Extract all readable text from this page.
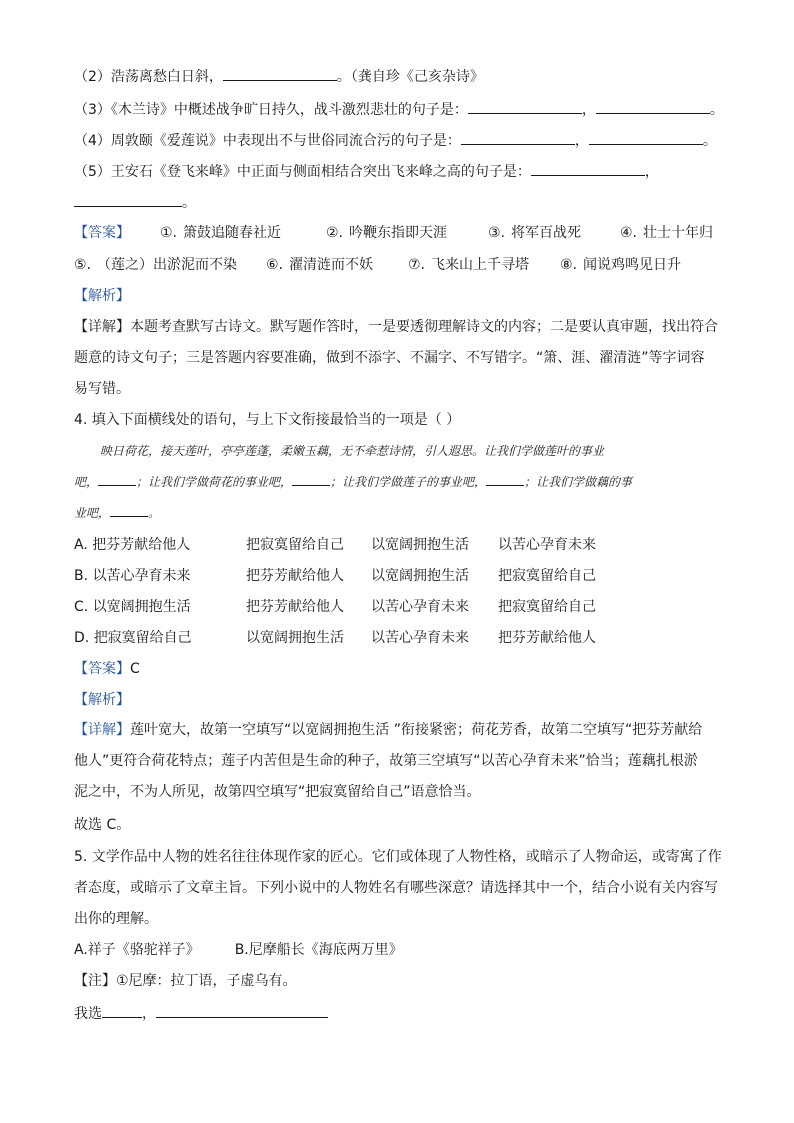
（2）浩荡离愁白日斜，	。（龚自珍《己亥杂诗》
（3）《木兰诗》中概述战争旷日持久，战斗激烈悲壮的句子是：	，	。
（4）周敦颐《爱莲说》中表现出不与世俗同流合污的句子是：	，	。
（5）王安石《登飞来峰》中正面与侧面相结合突出飞来峰之高的句子是：	，
。
【答案】 ①. 箫鼓追随春社近	②. 吟鞭东指即天涯	③. 将军百战死	④. 壮士十年归
⑤. （莲之）出淤泥而不染 ⑥. 濯清涟而不妖 ⑦. 飞来山上千寻塔 ⑧. 闻说鸡鸣见日升
【解析】
【详解】本题考查默写古诗文。默写题作答时，一是要透彻理解诗文的内容；二是要认真审题，找出符合
题意的诗文句子；三是答题内容要准确，做到不添字、不漏字、不写错字。“箫、涯、濯清涟”等字词容
易写错。
4. 填入下面横线处的语句，与上下文衔接最恰当的一项是（ ）
映日荷花，接天莲叶，亭亭莲蓬，柔嫩玉藕，无不牵惹诗情，引人遐思。让我们学做莲叶的事业
吧，	；让我们学做荷花的事业吧，	；让我们学做莲子的事业吧，	；让我们学做藕的事
业吧，	。
A. 把芬芳献给他人	把寂寞留给自己 以宽阔拥抱生活 以苦心孕育未来
B. 以苦心孕育未来	把芬芳献给他人 以宽阔拥抱生活 把寂寞留给自己
C. 以宽阔拥抱生活	把芬芳献给他人 以苦心孕育未来 把寂寞留给自己
D. 把寂寞留给自己	以宽阔拥抱生活 以苦心孕育未来 把芬芳献给他人
【答案】C
【解析】
【详解】莲叶宽大，故第一空填写“以宽阔拥抱生活 ”衔接紧密；荷花芳香，故第二空填写“把芬芳献给
他人”更符合荷花特点；莲子内苦但是生命的种子，故第三空填写“以苦心孕育未来”恰当；莲藕扎根淤
泥之中，不为人所见，故第四空填写“把寂寞留给自己”语意恰当。
故选 C。
5. 文学作品中人物的姓名往往体现作家的匠心。它们或体现了人物性格，或暗示了人物命运，或寄寓了作
者态度，或暗示了文章主旨。下列小说中的人物姓名有哪些深意？请选择其中一个，结合小说有关内容写
出你的理解。
A.祥子《骆驼祥子》 B.尼摩船长《海底两万里》
【注】①尼摩：拉丁语，子虚乌有。
我选	，
